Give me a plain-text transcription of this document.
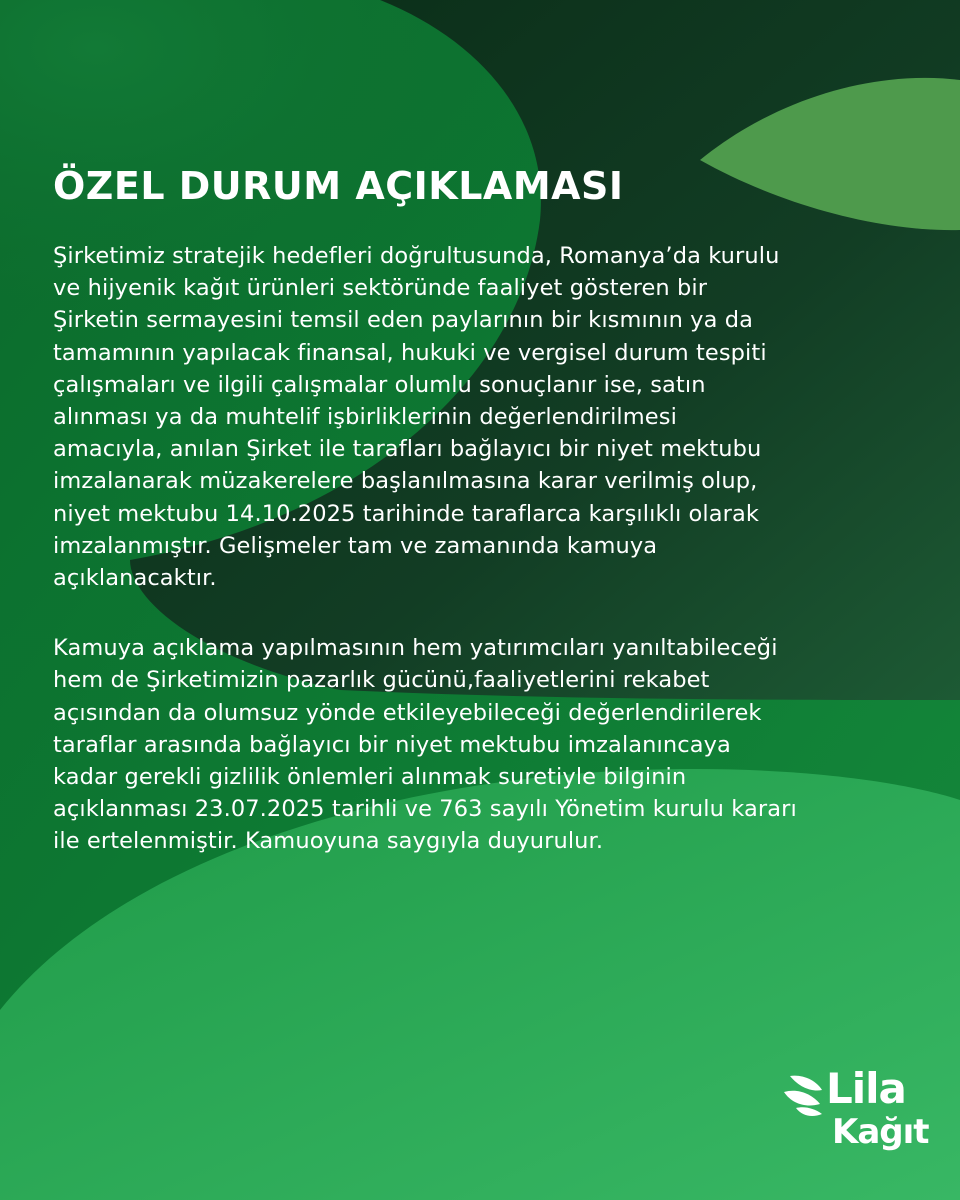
ÖZEL DURUM AÇIKLAMASI

Şirketimiz stratejik hedefleri doğrultusunda, Romanya’da kurulu
ve hijyenik kağıt ürünleri sektöründe faaliyet gösteren bir
Şirketin sermayesini temsil eden paylarının bir kısmının ya da
tamamının yapılacak finansal, hukuki ve vergisel durum tespiti
çalışmaları ve ilgili çalışmalar olumlu sonuçlanır ise, satın
alınması ya da muhtelif işbirliklerinin değerlendirilmesi
amacıyla, anılan Şirket ile tarafları bağlayıcı bir niyet mektubu
imzalanarak müzakerelere başlanılmasına karar verilmiş olup,
niyet mektubu 14.10.2025 tarihinde taraflarca karşılıklı olarak
imzalanmıştır. Gelişmeler tam ve zamanında kamuya
açıklanacaktır.

Kamuya açıklama yapılmasının hem yatırımcıları yanıltabileceği
hem de Şirketimizin pazarlık gücünü,faaliyetlerini rekabet
açısından da olumsuz yönde etkileyebileceği değerlendirilerek
taraflar arasında bağlayıcı bir niyet mektubu imzalanıncaya
kadar gerekli gizlilik önlemleri alınmak suretiyle bilginin
açıklanması 23.07.2025 tarihli ve 763 sayılı Yönetim kurulu kararı
ile ertelenmiştir. Kamuoyuna saygıyla duyurulur.

Lila
Kağıt
